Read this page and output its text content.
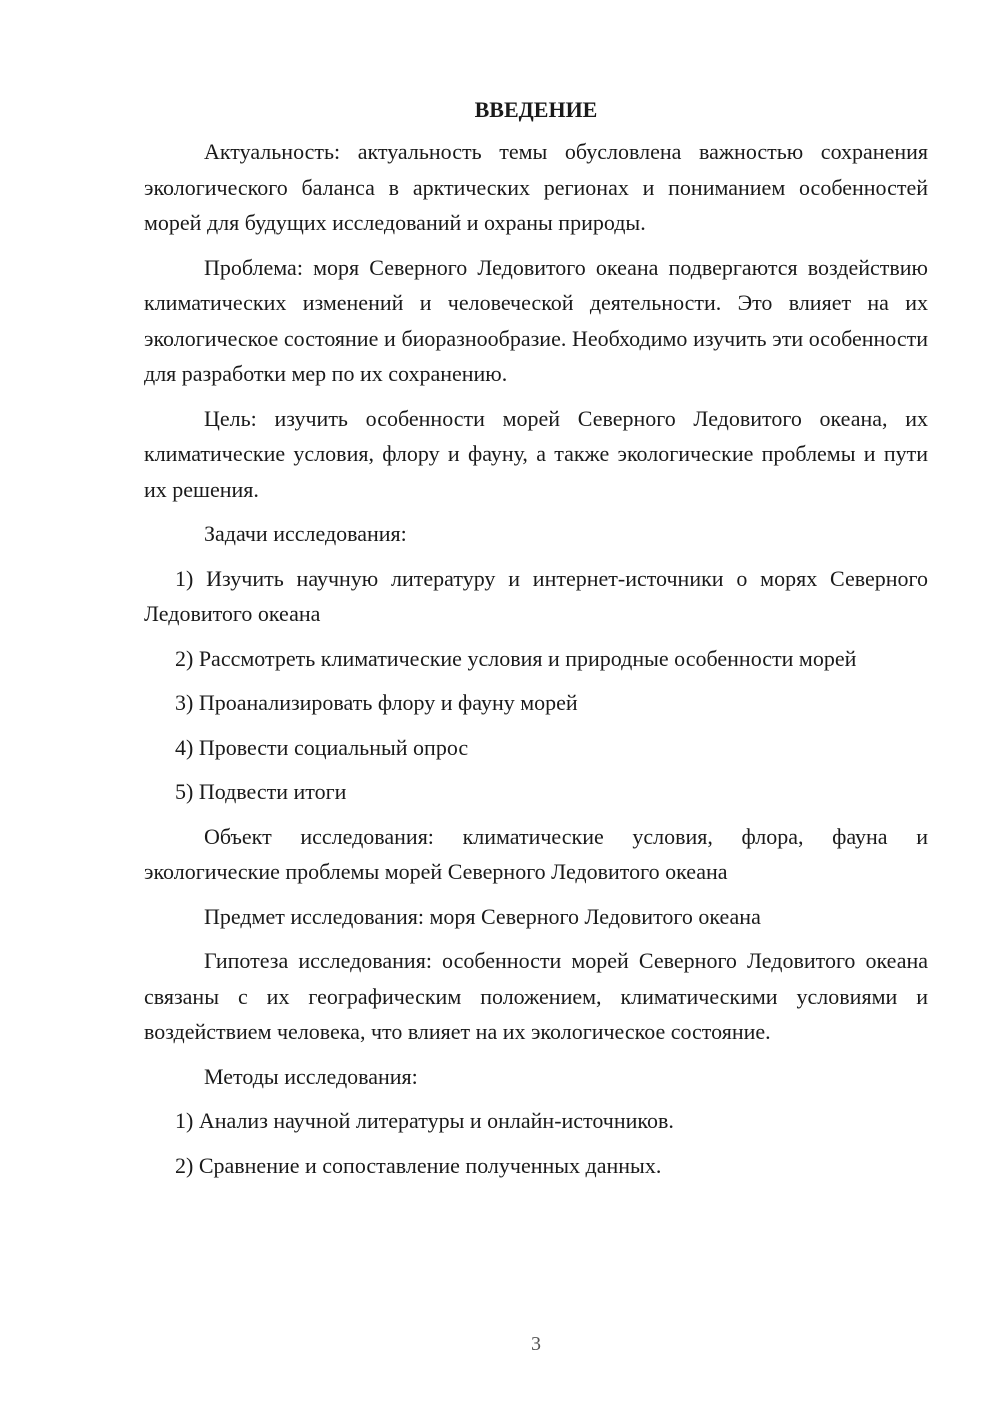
ВВЕДЕНИЕ

Актуальность: актуальность темы обусловлена важностью сохранения экологического баланса в арктических регионах и пониманием особенностей морей для будущих исследований и охраны природы.

Проблема: моря Северного Ледовитого океана подвергаются воздействию климатических изменений и человеческой деятельности. Это влияет на их экологическое состояние и биоразнообразие. Необходимо изучить эти особенности для разработки мер по их сохранению.

Цель: изучить особенности морей Северного Ледовитого океана, их климатические условия, флору и фауну, а также экологические проблемы и пути их решения.

Задачи исследования:

1) Изучить научную литературу и интернет-источники о морях Северного Ледовитого океана

2) Рассмотреть климатические условия и природные особенности морей

3) Проанализировать флору и фауну морей

4) Провести социальный опрос

5) Подвести итоги

Объект исследования: климатические условия, флора, фауна и экологические проблемы морей Северного Ледовитого океана

Предмет исследования: моря Северного Ледовитого океана

Гипотеза исследования: особенности морей Северного Ледовитого океана связаны с их географическим положением, климатическими условиями и воздействием человека, что влияет на их экологическое состояние.

Методы исследования:

1) Анализ научной литературы и онлайн-источников.

2) Сравнение и сопоставление полученных данных.

3
